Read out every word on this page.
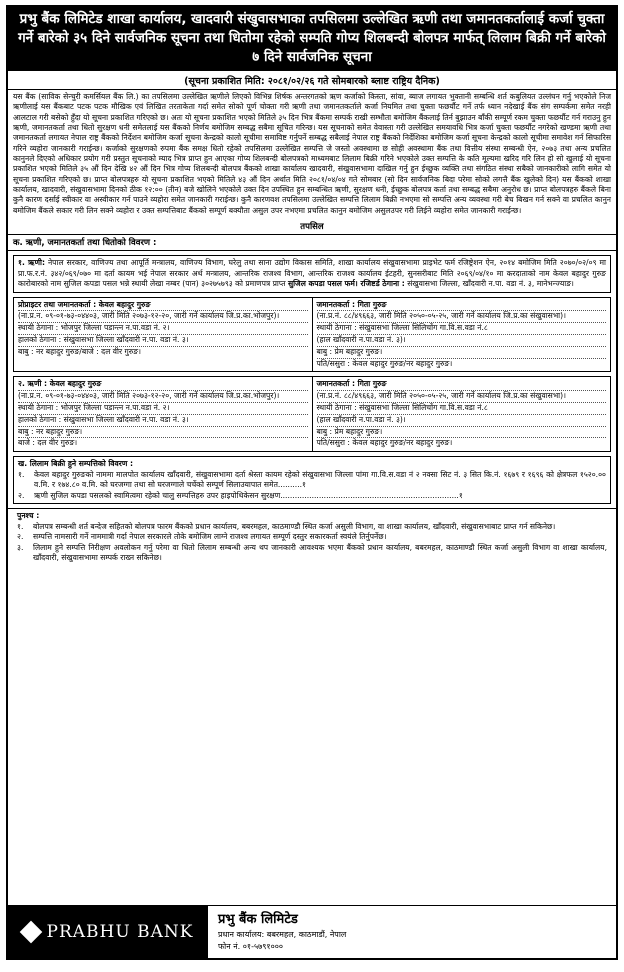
प्रभु बैंक लिमिटेड शाखा कार्यालय, खादवारी संखुवासभाका तपसिलमा उल्लेखित ऋणी तथा जमानतकर्तालाई कर्जा चुक्ता गर्ने बारेको ३५ दिने सार्वजनिक सूचना तथा धितोमा रहेको सम्पति गोप्य शिलबन्दी बोलपत्र मार्फत् लिलाम बिक्री गर्ने बारेको ७ दिने सार्वजनिक सूचना
(सूचना प्रकाशित मिति: २०८१/०२/२६ गते सोमबारको ब्लाष्ट राष्ट्रिय दैनिक)
यस बैंक (साविक सेन्चुरी कमर्सियल बैंक लि.) का तपसिलमा उल्लेखित ऋणीले लिएको विभिन्न शिर्षक अन्तरगतको ऋण कर्जाको किस्ता, सांवा, ब्याज लगायत भुक्तानी सम्बन्धि शर्त कबुलियत उल्लंघन गर्नु भएकोले निज ऋणीलाई यस बैंकबाट पटक पटक मौखिक एवं लिखित तरताकेता गर्दा समेत सोको पूर्ण चोक्ता गरी ऋणी तथा जमानतकर्ताले कर्जा नियमित तथा चुक्ता फछर्यौट गर्ने तर्फ ध्यान नदेखाई बैंक संग सम्पर्कमा समेत नरही आलटाल गरी बसेको हुँदा यो सूचना प्रकाशित गरिएको छ। अतः यो सूचना प्रकाशित भएको मितिले ३५ दिन भित्र बैंकमा सम्पर्क राखी सम्भौता बमोजिम बैंकलाई तिर्न बुझाउन बाँकी सम्पूर्ण रकम चुक्ता फछर्यौट गर्न गराउनु हुन ऋणी, जमानतकर्ता तथा धितो सुरक्षण धनी समेतलाई यस बैंकको निर्णय बमोजिम सम्बद्ध सबैमा सूचित गरिन्छ। यस सूचनाको समेत वेवास्ता गरी उल्लेखित समयावधि भित्र कर्जा चुक्ता फछर्यौट नगरेको खण्डमा ऋणी तथा जमानतकर्ता लगायत नेपाल राष्ट्र बैंकको निर्देशन बमोजिम कर्जा सूचना केन्द्रको कालो सूचीमा समाविष्ट गर्नुपर्ने सम्बद्ध सबैलाई नेपाल राष्ट्र बैंकको निर्देशिका बमोजिम कर्जा सूचना केन्द्रको कालो सूचीमा समावेश गर्न सिफारिस गरिने व्यहोरा जानकारी गराईन्छ। कर्जाको सुरक्षणको रुपमा बैंक समक्ष धितो रहेको तपसिलमा उल्लेखित सम्पत्ति जे जस्तो अवस्थामा छ सोही अवस्थामा बैंक तथा वित्तीय संस्था सम्बन्धी ऐन, २०७३ तथा अन्य प्रचलित कानुनले दिएको अधिकार प्रयोग गरी प्रस्तुत सूचनाको म्याद भित्र प्राप्त हुन आएका गोप्य शिलबन्दी बोलपत्रको माध्यमबाट लिलाम बिक्री गरिने भएकोले उक्त सम्पत्ति के कति मूल्यमा खरिद गरि लिन हो सो खुलाई यो सूचना प्रकाशित भएको मितिले ३५ औं दिन देखि ४२ औं दिन भित्र गोप्य शिलबन्दी बोलपत्र बैंकको शाखा कार्यालय खादवारी, संखुवासभामा दाखिल गर्नु हुन ईच्छुक व्यक्ति तथा संगठित संस्था सबैको जानकारीको लागि समेत यो सूचना प्रकाशित गरिएको छ। प्राप्त बोलपत्रहरु यो सूचना प्रकाशित भएको मितिले ४३ औं दिन अर्थात मिति २०८१/०४/०४ गते सोमबार (सो दिन सार्वजनिक बिदा परेमा सोको लगत्तै बैंक खुलेको दिन) यस बैंकको शाखा कार्यालय, खादवारी, संखुवासभामा दिनको ठीक १२:०० (तीन) बजे खोलिने भएकोले उक्त दिन उपस्थित हुन सम्बन्धित ऋणी, सुरक्षण धनी, ईच्छुक बोलपत्र कर्ता तथा सम्बद्ध सबैमा अनुरोध छ। प्राप्त बोलपत्रहरु बैंकले बिना कुनै कारण दर्साई स्वीकार वा अस्वीकार गर्न पाउने व्यहोरा समेत जानकारी गराईन्छ। कुनै कारणवश तपसिलमा उल्लेखित सम्पत्ति लिलाम बिक्री नभएमा सो सम्पत्ति अन्य व्यवस्था गरी बेच बिखन गर्न सक्ने वा प्रचलित कानुन बमोजिम बैंकले सकार गरी लिन सक्ने व्यहोरा र उक्त सम्पत्तिबाट बैंकको सम्पूर्ण बक्यौता असुल उपर नभएमा प्रचलित कानुन बमोजिम असुलउपर गरी लिईने व्यहोरा समेत जानकारी गराईन्छ।
तपसिल
क. ऋणी, जमानतकर्ता तथा धितोको विवरण :
१. ऋणी: नेपाल सरकार, वाणिज्य तथा आपूर्ति मन्त्रालय, वाणिज्य विभाग, घरेलु तथा साना उद्योग विकास समिति, शाखा कार्यालय संखुवासभामा प्राइभेट फर्म रजिष्ट्रेशन ऐन, २०१४ बमोजिम मिति २०७०/०२/०९ मा प्रा.फ.र.नं. ३४२/०६९/०७० मा दर्ता कायम भई नेपाल सरकार अर्थ मन्त्रालय, आन्तरिक राजश्व विभाग, आन्तरिक राजश्व कार्यालय ईटहरी, सुनसरीबाट मिति २०६९/०४/१० मा करदाताको नाम केवल बहादुर गुरुङ कारोबारको नाम सुजिल कपडा पसल भन्ने स्थायी लेखा नम्बर (पान) ३०२७५७९३ को प्रमाणपत्र प्राप्त सुजिल कपडा पसल फर्म। रजिष्टर्ड ठेगाना : संखुवासभा जिल्ला, खाँदवारी न.पा. वडा नं. ३, मानेभन्ज्याङ।
प्रोप्राइटर तथा जमानतकर्ता : केवल बहादुर गुरुङ
(ना.प्र.न. ०९-०१-७३-०४४०३, जारी मिति २०७३-१२-२०, जारी गर्ने कार्यालय जि.प्र.का.भोजपुर)।
स्थायी ठेगाना : भोजपुर जिल्ला पडान्त्न न.पा.वडा नं. २।
हालको ठेगाना : संखुवासभा जिल्ला खाँदवारी न.पा. वडा नं. ३।
बाबु : नर बहादुर गुरुङ/बाजे : दल वीर गुरुङ।
जमानतकर्ता : गिता गुरुङ
(ना.प्र.नं. ८८/४९६६३, जारी मिति २०५०-०५-२५, जारी गर्ने कार्यालय जि.प्र.का संखुवासभा)।
स्थायी ठेगाना : संखुवासभा जिल्ला सिलिचोंग गा.वि.स.वडा नं.८
(हाल खाँदवारी न.पा.वडा नं. ३)।
बाबु : प्रेम बहादुर गुरुङ।
पति/ससुरा : केवल बहादुर गुरुङ/नर बहादुर गुरुङ।
२. ऋणी : केवल बहादुर गुरुङ
(ना.प्र.न. ०९-०१-७३-०४४०३, जारी मिति २०७३-१२-२०, जारी गर्ने कार्यालय जि.प्र.का.भोजपुर)।
स्थायी ठेगाना : भोजपुर जिल्ला पडान्त्न न.पा.वडा नं. २।
हालको ठेगाना : संखुवासभा जिल्ला खाँदवारी न.पा. वडा नं. ३।
बाबु : नर बहादुर गुरुङ।
बाजे : दल वीर गुरुङ।
जमानतकर्ता : गिता गुरुङ
(ना.प्र.नं. ८८/४९६६३, जारी मिति २०५०-०५-२५, जारी गर्ने कार्यालय जि.प्र.का संखुवासभा)।
स्थायी ठेगाना : संखुवासभा जिल्ला सिलिचोंग गा.वि.स.वडा नं.८
(हाल खाँदवारी न.पा.वडा नं. ३)।
बाबु : प्रेम बहादुर गुरुङ।
पति/ससुरा : केवल बहादुर गुरुङ/नर बहादुर गुरुङ।
ख. लिलाम बिक्री हुने सम्पत्तिको विवरण :
१.	केवल बहादुर गुरुङको नाममा मालपोत कार्यालय खाँदवारी, संखुवासभामा दर्ता श्रेस्ता कायम रहेको संखुवासभा जिल्ला पांमा गा.वि.स.वडा नं २ नक्सा सिट नं. ३ सित कि.नं. १६७९ र १६९६ को क्षेत्रफल १५२०.०० व.मि. र १७४.८० व.मि. को घरजग्गा तथा सो घरजग्गाले चर्चेको सम्पूर्ण सिलाउयापात समेत..........१
२.	ऋणी सुजिल कपडा पसलको स्वामित्वमा रहेको चालु सम्पत्तिहरु उपर हाइपोथिकेसन सुरक्षण..........................................................................१
पुनश्च :
१.	बोलपत्र सम्बन्धी शर्त बन्देज सहितको बोलपत्र फारम बैंकको प्रधान कार्यालय, बबरमहल, काठमाण्डौ स्थित कर्जा असुली विभाग, वा शाखा कार्यालय, खाँदवारी, संखुवासभाबाट प्राप्त गर्न सकिनेछ।
२.	सम्पत्ति नामसारी गर्ने नाममात्री गर्दा नेपाल सरकारले तोके बमोजिम लाग्ने राजश्व लगायत सम्पूर्ण दस्तुर सकारकर्ता स्वयंले तिर्नुपर्नेछ।
३.	लिलाम हुने सम्पत्ति निरीक्षण अवलोकन गर्नु परेमा वा धितो लिलाम सम्बन्धी अन्य थप जानकारी आवश्यक भएमा बैंकको प्रधान कार्यालय, बबरमहल, काठमाण्डौ स्थित कर्जा असुली विभाग वा शाखा कार्यालय, खाँदवारी, संखुवासभामा सम्पर्क राख्न सकिनेछ।
PRABHU BANK
प्रभु बैंक लिमिटेड
प्रधान कार्यालय: बबरमहल, काठमाडौं, नेपाल
फोन नं. ०१-५७९१०००
